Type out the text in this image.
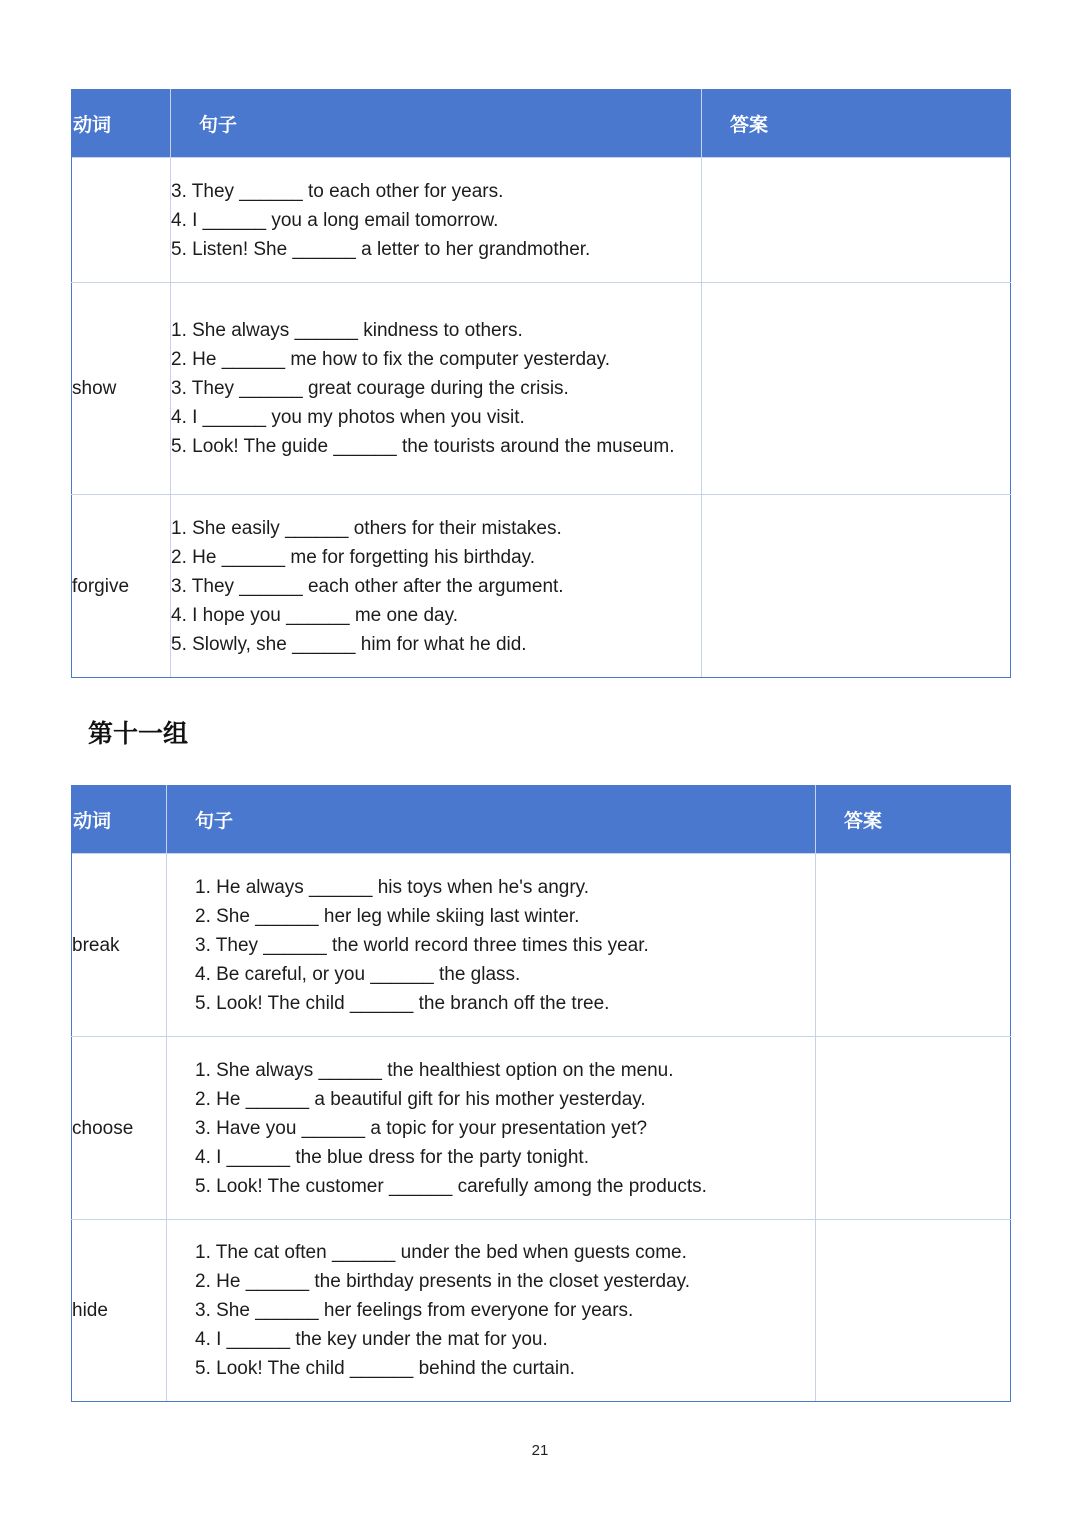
动词	句子	答案

	3. They ______ to each other for years.
4. I ______ you a long email tomorrow.
5. Listen! She ______ a letter to her grandmother.	

show	1. She always ______ kindness to others.
2. He ______ me how to fix the computer yesterday.
3. They ______ great courage during the crisis.
4. I ______ you my photos when you visit.
5. Look! The guide ______ the tourists around the museum.	

forgive	1. She easily ______ others for their mistakes.
2. He ______ me for forgetting his birthday.
3. They ______ each other after the argument.
4. I hope you ______ me one day.
5. Slowly, she ______ him for what he did.	

第十一组
动词	句子	答案

break	1. He always ______ his toys when he's angry.
2. She ______ her leg while skiing last winter.
3. They ______ the world record three times this year.
4. Be careful, or you ______ the glass.
5. Look! The child ______ the branch off the tree.	

choose	1. She always ______ the healthiest option on the menu.
2. He ______ a beautiful gift for his mother yesterday.
3. Have you ______ a topic for your presentation yet?
4. I ______ the blue dress for the party tonight.
5. Look! The customer ______ carefully among the products.	

hide	1. The cat often ______ under the bed when guests come.
2. He ______ the birthday presents in the closet yesterday.
3. She ______ her feelings from everyone for years.
4. I ______ the key under the mat for you.
5. Look! The child ______ behind the curtain.	

21
